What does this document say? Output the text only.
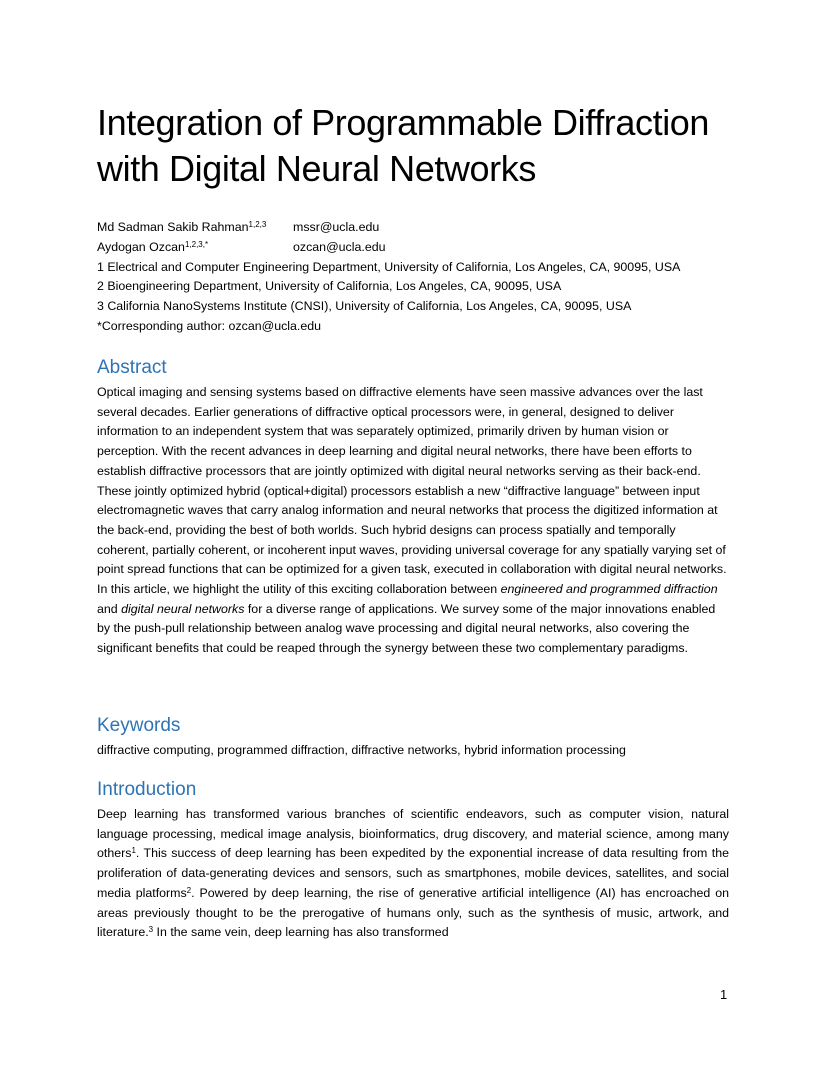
Integration of Programmable Diffraction
with Digital Neural Networks
Md Sadman Sakib Rahman$^{1,2,3}$ mssr@ucla.edu
Aydogan Ozcan$^{1,2,3,*}$	ozcan@ucla.edu
1 Electrical and Computer Engineering Department, University of California, Los Angeles, CA, 90095, USA
2 Bioengineering Department, University of California, Los Angeles, CA, 90095, USA
3 California NanoSystems Institute (CNSI), University of California, Los Angeles, CA, 90095, USA
*Corresponding author: ozcan@ucla.edu
Abstract

Optical imaging and sensing systems based on diffractive elements have seen massive advances over the last several decades. Earlier generations of diffractive optical processors were, in general, designed to deliver information to an independent system that was separately optimized, primarily driven by human vision or perception. With the recent advances in deep learning and digital neural networks, there have been efforts to establish diffractive processors that are jointly optimized with digital neural networks serving as their back-end. These jointly optimized hybrid (optical+digital) processors establish a new “diffractive language” between input electromagnetic waves that carry analog information and neural networks that process the digitized information at the back-end, providing the best of both worlds. Such hybrid designs can process spatially and temporally coherent, partially coherent, or incoherent input waves, providing universal coverage for any spatially varying set of point spread functions that can be optimized for a given task, executed in collaboration with digital neural networks. In this article, we highlight the utility of this exciting collaboration between engineered and programmed diffraction and digital neural networks for a diverse range of applications. We survey some of the major innovations enabled by the push-pull relationship between analog wave processing and digital neural networks, also covering the significant benefits that could be reaped through the synergy between these two complementary paradigms.

Keywords

diffractive computing, programmed diffraction, diffractive networks, hybrid information processing

Introduction

Deep learning has transformed various branches of scientific endeavors, such as computer vision, natural language processing, medical image analysis, bioinformatics, drug discovery, and material science, among many others$^1$. This success of deep learning has been expedited by the exponential increase of data resulting from the proliferation of data-generating devices and sensors, such as smartphones, mobile devices, satellites, and social media platforms$^2$. Powered by deep learning, the rise of generative artificial intelligence (AI) has encroached on areas previously thought to be the prerogative of humans only, such as the synthesis of music, artwork, and literature.$^3$ In the same vein, deep learning has also transformed

1
